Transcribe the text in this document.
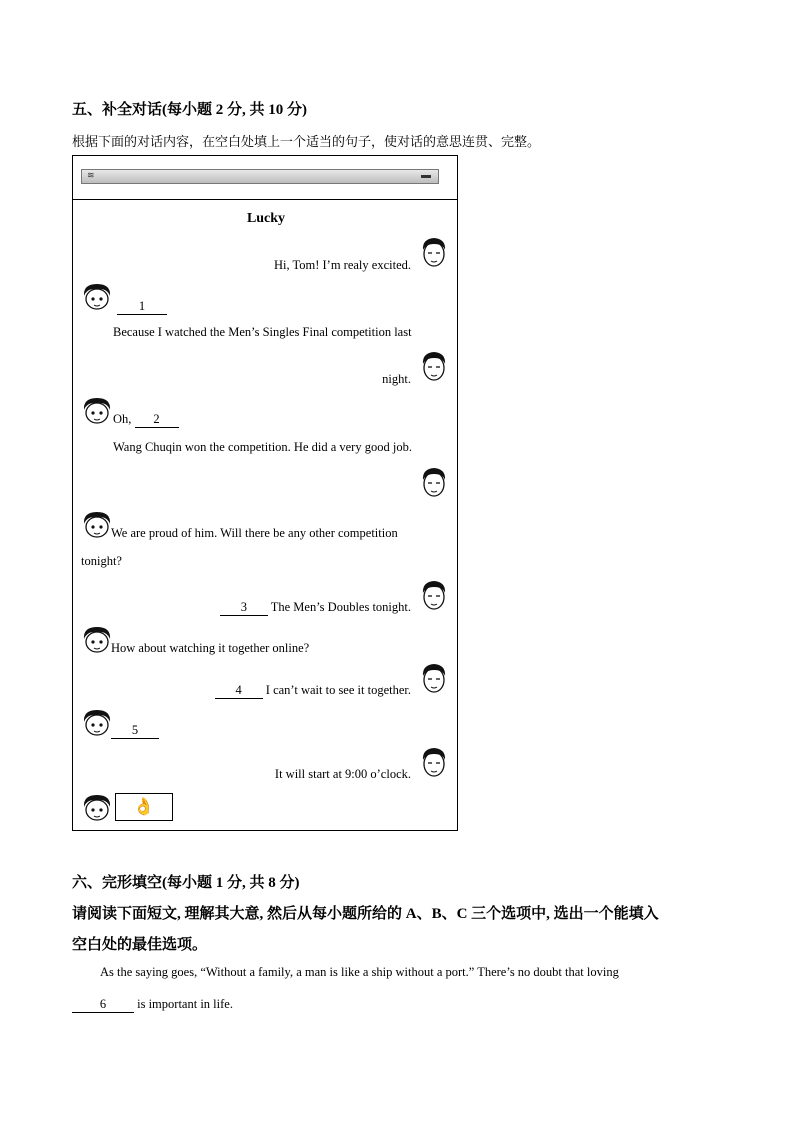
五、补全对话(每小题 2 分, 共 10 分)
根据下面的对话内容，在空白处填上一个适当的句子，使对话的意思连贯、完整。
≋
Lucky
Hi, Tom! I’m realy excited.
1
Because I watched the Men’s Singles Final competition last
night.
Oh, 2
Wang Chuqin won the competition. He did a very good job.
We are proud of him. Will there be any other competition
tonight?
3 The Men’s Doubles tonight.
How about watching it together online?
4 I can’t wait to see it together.
5
It will start at 9:00 o’clock.
👌
六、完形填空(每小题 1 分, 共 8 分)
请阅读下面短文, 理解其大意, 然后从每小题所给的 A、B、C 三个选项中, 选出一个能填入
空白处的最佳选项。
As the saying goes, “Without a family, a man is like a ship without a port.” There’s no doubt that loving
6 is important in life.
